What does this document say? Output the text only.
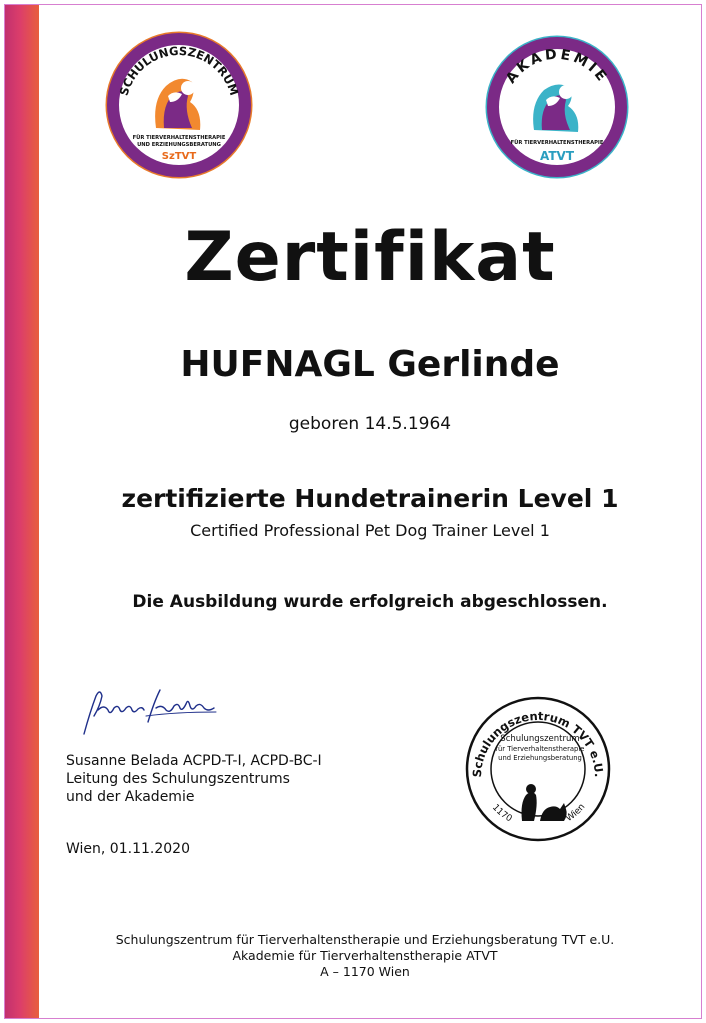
SCHULUNGSZENTRUM
FÜR TIERVERHALTENSTHERAPIE
UND ERZIEHUNGSBERATUNG
SzTVT
AKADEMIE
FÜR TIERVERHALTENSTHERAPIE
ATVT
Zertifikat
HUFNAGL Gerlinde
geboren 14.5.1964
zertifizierte Hundetrainerin Level 1
Certified Professional Pet Dog Trainer Level 1
Die Ausbildung wurde erfolgreich abgeschlossen.
Susanne Belada ACPD-T-I, ACPD-BC-I
Leitung des Schulungszentrums
und der Akademie
Wien, 01.11.2020
Schulungszentrum TVT e.U.
Schulungszentrum
für Tierverhaltenstherapie
und Erziehungsberatung
1170	Wien
Schulungszentrum für Tierverhaltenstherapie und Erziehungsberatung TVT e.U.
Akademie für Tierverhaltenstherapie ATVT
A – 1170 Wien
